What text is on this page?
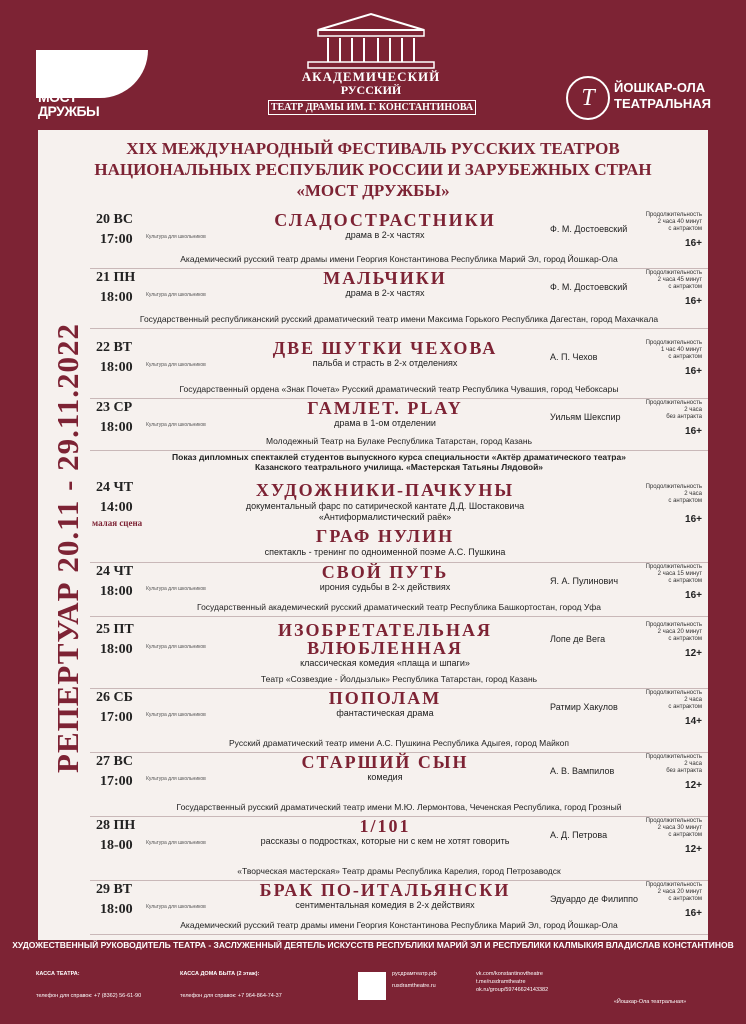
МОСТ
ДРУЖБЫ
АКАДЕМИЧЕСКИЙ
РУССКИЙ
ТЕАТР ДРАМЫ ИМ. Г. КОНСТАНТИНОВА	Т	ЙОШКАР-ОЛА
ТЕАТРАЛЬНАЯ
XIX МЕЖДУНАРОДНЫЙ ФЕСТИВАЛЬ РУССКИХ ТЕАТРОВ
НАЦИОНАЛЬНЫХ РЕСПУБЛИК РОССИИ И ЗАРУБЕЖНЫХ СТРАН
«МОСТ ДРУЖБЫ»
РЕПЕРТУАР 20.11 - 29.11.2022
20 ВС
17:00	Культура для школьников
СЛАДОСТРАСТНИКИ
драма в 2-х частях
Ф. М. Достоевский
Продолжительность
2 часа 40 минут
с антрактом
16+
Академический русский театр драмы имени Георгия Константинова Республика Марий Эл, город Йошкар-Ола
21 ПН
18:00	Культура для школьников
МАЛЬЧИКИ
драма в 2-х частях
Ф. М. Достоевский
Продолжительность
2 часа 45 минут
с антрактом
16+
Государственный республиканский русский драматический театр имени Максима Горького Республика Дагестан, город Махачкала
22 ВТ
18:00	Культура для школьников
ДВЕ ШУТКИ ЧЕХОВА
пальба и страсть в 2-х отделениях
А. П. Чехов
Продолжительность
1 час 40 минут
с антрактом
16+
Государственный ордена «Знак Почета» Русский драматический театр Республика Чувашия, город Чебоксары
23 СР
18:00	Культура для школьников
ГАМЛЕТ. PLAY
драма в 1-ом отделении
Уильям Шекспир
Продолжительность
2 часа
без антракта
16+
Молодежный Театр на Булаке Республика Татарстан, город Казань
24 ЧТ
18:00	Культура для школьников
СВОЙ ПУТЬ
ирония судьбы в 2-х действиях
Я. А. Пулинович
Продолжительность
2 часа 15 минут
с антрактом
16+
Государственный академический русский драматический театр Республика Башкортостан, город Уфа
25 ПТ
18:00	Культура для школьников
ИЗОБРЕТАТЕЛЬНАЯ
ВЛЮБЛЕННАЯ
классическая комедия «плаща и шпаги»
Лопе де Вега
Продолжительность
2 часа 20 минут
с антрактом
12+
Театр «Созвездие - Йолдызлык» Республика Татарстан, город Казань
26 СБ
17:00	Культура для школьников
ПОПОЛАМ
фантастическая драма
Ратмир Хакулов
Продолжительность
2 часа
с антрактом
14+
Русский драматический театр имени А.С. Пушкина Республика Адыгея, город Майкоп
27 ВС
17:00	Культура для школьников
СТАРШИЙ СЫН
комедия
А. В. Вампилов
Продолжительность
2 часа
без антракта
12+
Государственный русский драматический театр имени М.Ю. Лермонтова, Чеченская Республика, город Грозный
28 ПН
18-00	Культура для школьников
1/101
рассказы о подростках, которые ни с кем не хотят говорить
А. Д. Петрова
Продолжительность
2 часа 30 минут
с антрактом
12+
«Творческая мастерская» Театр драмы Республика Карелия, город Петрозаводск
29 ВТ
18:00	Культура для школьников
БРАК ПО-ИТАЛЬЯНСКИ
сентиментальная комедия в 2-х действиях
Эдуардо де Филиппо
Продолжительность
2 часа 20 минут
с антрактом
16+
Академический русский театр драмы имени Георгия Константинова Республика Марий Эл, город Йошкар-Ола
Показ дипломных спектаклей студентов выпускного курса специальности «Актёр драматического театра»
Казанского театрального училища. «Мастерская Татьяны Лядовой»
24 ЧТ
14:00
малая сцена
ХУДОЖНИКИ-ПАЧКУНЫ
документальный фарс по сатирической кантате Д.Д. Шостаковича
«Антиформалистический раёк»
ГРАФ НУЛИН
спектакль - тренинг по одноименной поэме А.С. Пушкина
Продолжительность
2 часа
с антрактом
16+
ХУДОЖЕСТВЕННЫЙ РУКОВОДИТЕЛЬ ТЕАТРА - ЗАСЛУЖЕННЫЙ ДЕЯТЕЛЬ ИСКУССТВ РЕСПУБЛИКИ МАРИЙ ЭЛ И РЕСПУБЛИКИ КАЛМЫКИЯ ВЛАДИСЛАВ КОНСТАНТИНОВ
КАССА ТЕАТРА:
телефон для справок: +7 (8362) 56-61-90
КАССА ДОМА БЫТА (2 этаж):
телефон для справок: +7 964-864-74-37
русдрамтеатр.рф
rusdramtheatre.ru
vk.com/konstantinovtheatre
t.me/rusdramtheatre
ok.ru/group/59746624143382
«Йошкар-Ола театральная»
